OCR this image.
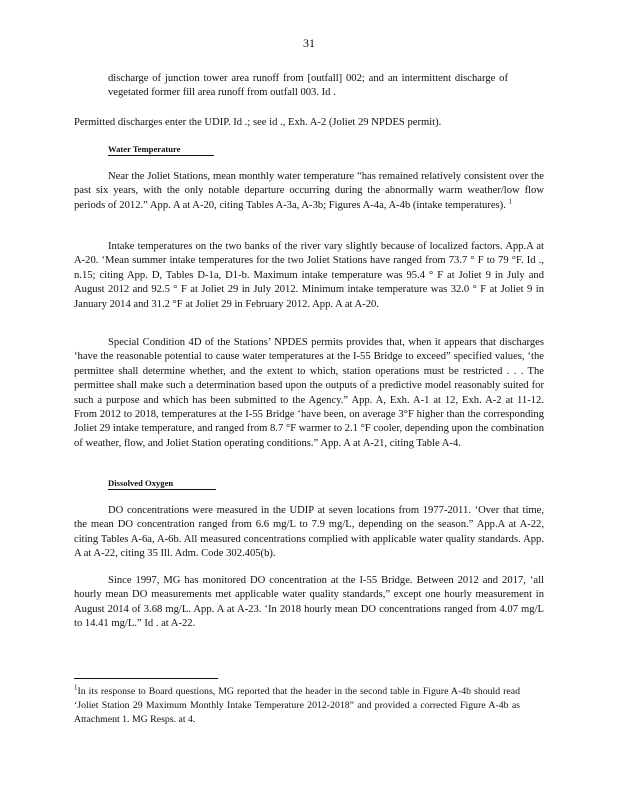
31

discharge of junction tower area runoff from [outfall] 002; and an intermittent discharge of vegetated former fill area runoff from outfall 003. Id .

Permitted discharges enter the UDIP. Id .; see id ., Exh. A-2 (Joliet 29 NPDES permit).

Water Temperature

Near the Joliet Stations, mean monthly water temperature “has remained relatively consistent over the past six years, with the only notable departure occurring during the abnormally warm weather/low flow periods of 2012.” App. A at A-20, citing Tables A-3a, A-3b; Figures A-4a, A-4b (intake temperatures). $^1$

Intake temperatures on the two banks of the river vary slightly because of localized factors. App.A at A-20. ‘Mean summer intake temperatures for the two Joliet Stations have ranged from 73.7 ° F to 79 °F. Id ., n.15; citing App. D, Tables D-1a, D1-b. Maximum intake temperature was 95.4 ° F at Joliet 9 in July and August 2012 and 92.5 ° F at Joliet 29 in July 2012. Minimum intake temperature was 32.0 ° F at Joliet 9 in January 2014 and 31.2 °F at Joliet 29 in February 2012. App. A at A-20.

Special Condition 4D of the Stations’ NPDES permits provides that, when it appears that discharges ‘have the reasonable potential to cause water temperatures at the I-55 Bridge to exceed” specified values, ‘the permittee shall determine whether, and the extent to which, station operations must be restricted . . . The permittee shall make such a determination based upon the outputs of a predictive model reasonably suited for such a purpose and which has been submitted to the Agency.” App. A, Exh. A-1 at 12, Exh. A-2 at 11-12. From 2012 to 2018, temperatures at the I-55 Bridge ‘have been, on average 3°F higher than the corresponding Joliet 29 intake temperature, and ranged from 8.7 °F warmer to 2.1 °F cooler, depending upon the combination of weather, flow, and Joliet Station operating conditions.” App. A at A-21, citing Table A-4.

Dissolved Oxygen

DO concentrations were measured in the UDIP at seven locations from 1977-2011. ‘Over that time, the mean DO concentration ranged from 6.6 mg/L to 7.9 mg/L, depending on the season.” App.A at A-22, citing Tables A-6a, A-6b. All measured concentrations complied with applicable water quality standards. App. A at A-22, citing 35 Ill. Adm. Code 302.405(b).

Since 1997, MG has monitored DO concentration at the I-55 Bridge. Between 2012 and 2017, ‘all hourly mean DO measurements met applicable water quality standards,” except one hourly measurement in August 2014 of 3.68 mg/L. App. A at A-23. ‘In 2018 hourly mean DO concentrations ranged from 4.07 mg/L to 14.41 mg/L.” Id . at A-22.

$^1$In its response to Board questions, MG reported that the header in the second table in Figure A-4b should read ‘Joliet Station 29 Maximum Monthly Intake Temperature 2012-2018” and provided a corrected Figure A-4b as Attachment 1. MG Resps. at 4.
